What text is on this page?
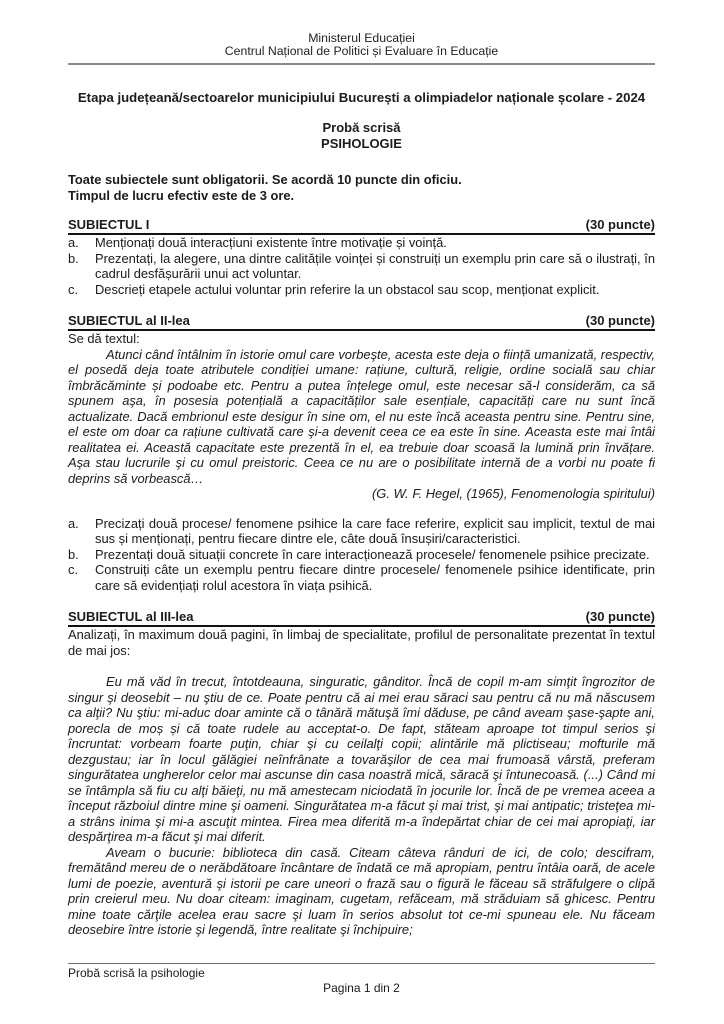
Ministerul Educației
Centrul Național de Politici și Evaluare în Educație
Etapa județeană/sectoarelor municipiului București a olimpiadelor naționale școlare - 2024
Probă scrisă
PSIHOLOGIE
Toate subiectele sunt obligatorii. Se acordă 10 puncte din oficiu.
Timpul de lucru efectiv este de 3 ore.
SUBIECTUL I	(30 puncte)
a.	Menționați două interacțiuni existente între motivație și voință.
b.	Prezentați, la alegere, una dintre calitățile voinței și construiți un exemplu prin care să o ilustrați, în cadrul desfășurării unui act voluntar.
c.	Descrieți etapele actului voluntar prin referire la un obstacol sau scop, menționat explicit.
SUBIECTUL al II-lea	(30 puncte)
Se dă textul:

Atunci când întâlnim în istorie omul care vorbeşte, acesta este deja o ființă umanizată, respectiv, el posedă deja toate atributele condiției umane: rațiune, cultură, religie, ordine socială sau chiar îmbrăcăminte și podoabe etc. Pentru a putea înțelege omul, este necesar să-l considerăm, ca să spunem aşa, în posesia potențială a capacităților sale esențiale, capacități care nu sunt încă actualizate. Dacă embrionul este desigur în sine om, el nu este încă aceasta pentru sine. Pentru sine, el este om doar ca rațiune cultivată care şi-a devenit ceea ce ea este în sine. Aceasta este mai întâi realitatea ei. Această capacitate este prezentă în el, ea trebuie doar scoasă la lumină prin învățare. Aşa stau lucrurile şi cu omul preistoric. Ceea ce nu are o posibilitate internă de a vorbi nu poate fi deprins să vorbească…

(G. W. F. Hegel, (1965), Fenomenologia spiritului)
a.	Precizați două procese/ fenomene psihice la care face referire, explicit sau implicit, textul de mai sus și menționați, pentru fiecare dintre ele, câte două însușiri/caracteristici.
b.	Prezentați două situații concrete în care interacționează procesele/ fenomenele psihice precizate.
c.	Construiți câte un exemplu pentru fiecare dintre procesele/ fenomenele psihice identificate, prin care să evidențiați rolul acestora în viața psihică.
SUBIECTUL al III-lea	(30 puncte)
Analizați, în maximum două pagini, în limbaj de specialitate, profilul de personalitate prezentat în textul de mai jos:

Eu mă văd în trecut, întotdeauna, singuratic, gânditor. Încă de copil m-am simţit îngrozitor de singur şi deosebit – nu ştiu de ce. Poate pentru că ai mei erau săraci sau pentru că nu mă născusem ca alţii? Nu ştiu: mi-aduc doar aminte că o tânără mătuşă îmi dăduse, pe când aveam şase-şapte ani, porecla de moș și că toate rudele au acceptat-o. De fapt, stăteam aproape tot timpul serios şi încruntat: vorbeam foarte puţin, chiar şi cu ceilalţi copii; alintările mă plictiseau; mofturile mă dezgustau; iar în locul gălăgiei neînfrânate a tovarăşilor de cea mai frumoasă vârstă, preferam singurătatea ungherelor celor mai ascunse din casa noastră mică, săracă şi întunecoasă. (...) Când mi se întâmpla să fiu cu alţi băieţi, nu mă amestecam niciodată în jocurile lor. Încă de pe vremea aceea a început războiul dintre mine şi oameni. Singurătatea m-a făcut şi mai trist, şi mai antipatic; tristeţea mi-a strâns inima şi mi-a ascuţit mintea. Firea mea diferită m-a îndepărtat chiar de cei mai apropiaţi, iar despărţirea m-a făcut şi mai diferit.

Aveam o bucurie: biblioteca din casă. Citeam câteva rânduri de ici, de colo; descifram, fremătând mereu de o nerăbdătoare încântare de îndată ce mă apropiam, pentru întâia oară, de acele lumi de poezie, aventură şi istorii pe care uneori o frază sau o figură le făceau să străfulgere o clipă prin creierul meu. Nu doar citeam: imaginam, cugetam, refăceam, mă străduiam să ghicesc. Pentru mine toate cărţile acelea erau sacre şi luam în serios absolut tot ce-mi spuneau ele. Nu făceam deosebire între istorie şi legendă, între realitate şi închipuire;

Probă scrisă la psihologie
Pagina 1 din 2
